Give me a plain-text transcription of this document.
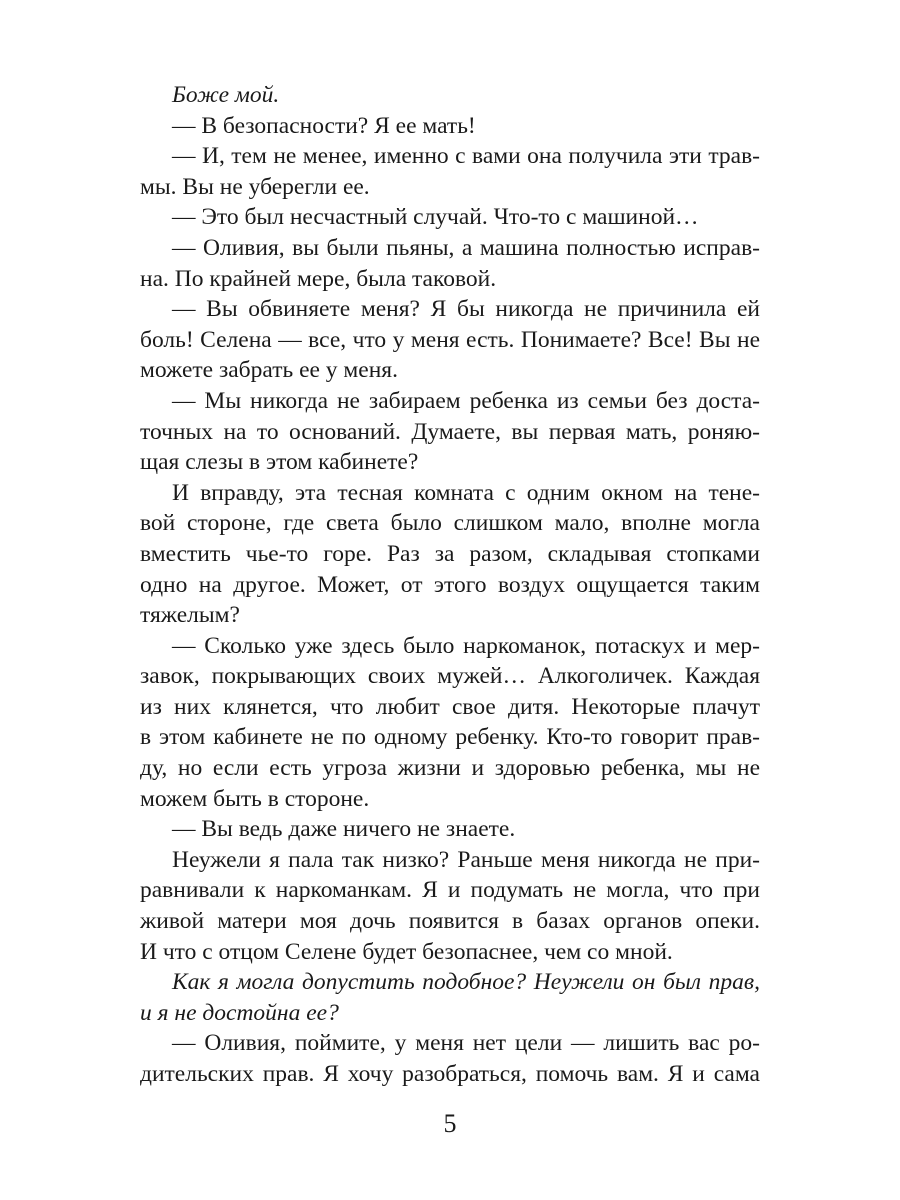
Боже мой.
— В безопасности? Я ее мать!
— И, тем не менее, именно с вами она получила эти трав-
мы. Вы не уберегли ее.
— Это был несчастный случай. Что-то с машиной…
— Оливия, вы были пьяны, а машина полностью исправ-
на. По крайней мере, была таковой.
— Вы обвиняете меня? Я бы никогда не причинила ей
боль! Селена — все, что у меня есть. Понимаете? Все! Вы не
можете забрать ее у меня.
— Мы никогда не забираем ребенка из семьи без доста-
точных на то оснований. Думаете, вы первая мать, роняю-
щая слезы в этом кабинете?
И вправду, эта тесная комната с одним окном на тене-
вой стороне, где света было слишком мало, вполне могла
вместить чье-то горе. Раз за разом, складывая стопками
одно на другое. Может, от этого воздух ощущается таким
тяжелым?
— Сколько уже здесь было наркоманок, потаскух и мер-
завок, покрывающих своих мужей… Алкоголичек. Каждая
из них клянется, что любит свое дитя. Некоторые плачут
в этом кабинете не по одному ребенку. Кто-то говорит прав-
ду, но если есть угроза жизни и здоровью ребенка, мы не
можем быть в стороне.
— Вы ведь даже ничего не знаете.
Неужели я пала так низко? Раньше меня никогда не при-
равнивали к наркоманкам. Я и подумать не могла, что при
живой матери моя дочь появится в базах органов опеки.
И что с отцом Селене будет безопаснее, чем со мной.
Как я могла допустить подобное? Неужели он был прав,
и я не достойна ее?
— Оливия, поймите, у меня нет цели — лишить вас ро-
дительских прав. Я хочу разобраться, помочь вам. Я и сама
5
